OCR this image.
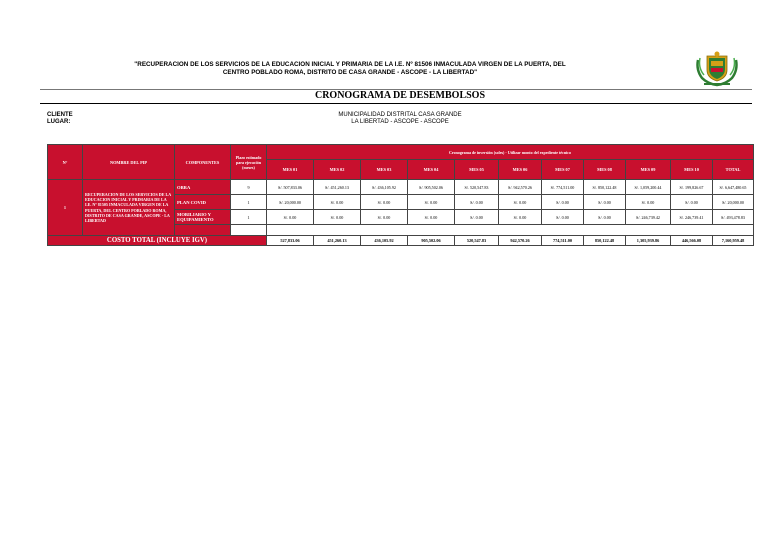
"RECUPERACION DE LOS SERVICIOS DE LA EDUCACION INICIAL Y PRIMARIA DE LA I.E. Nº 81506 INMACULADA VIRGEN DE LA PUERTA, DEL
CENTRO POBLADO ROMA, DISTRITO DE CASA GRANDE - ASCOPE - LA LIBERTAD"
CRONOGRAMA DE DESEMBOLSOS
CLIENTE
LUGAR:
MUNICIPALIDAD DISTRITAL CASA GRANDE
LA LIBERTAD - ASCOPE - ASCOPE
N°	NOMBRE DEL PIP	COMPONENTES	Plazo estimado para ejecución (meses)	Cronograma de inversión (soles) - Utilizar monto del expediente técnico										
				MES 01	MES 02	MES 03	MES 04	MES 05	MES 06	MES 07	MES 08	MES 09	MES 10	TOTAL
1	RECUPERACION DE LOS SERVICIOS DE LA EDUCACION INICIAL Y PRIMARIA DE LA I.E. Nº 81505 INMACULADA VIRGEN DE LA PUERTA, DEL CENTRO POBLADO ROMA, DISTRITO DE CASA GRANDE, ASCOPE - LA LIBERTAD	OBRA	9	S/. 507,833.06	S/. 451,260.13	S/. 436,105.92	S/. 905,502.06	S/. 520,547.83	S/. 942,570.26	S/. 774,511.00	S/. 850,122.48	S/. 1,059,200.44	S/. 199,826.67	S/. 6,647,480.65
		PLAN COVID	1	S/. 20,000.00	S/. 0.00	S/. 0.00	S/. 0.00	S/. 0.00	S/. 0.00	S/. 0.00	S/. 0.00	S/. 0.00	S/. 0.00	S/. 20,000.00
		MOBILIARIO Y EQUIPAMIENTO	1	S/. 0.00	S/. 0.00	S/. 0.00	S/. 0.00	S/. 0.00	S/. 0.00	S/. 0.00	S/. 0.00	S/. 246,739.42	S/. 246,739.41	S/. 493,478.83

COSTO TOTAL (INCLUYE IGV)				527,833.06	451,260.13	436,105.92	905,502.06	520,547.83	942,570.26	774,511.00	850,122.48	1,305,939.86	446,566.08	7,160,959.48
